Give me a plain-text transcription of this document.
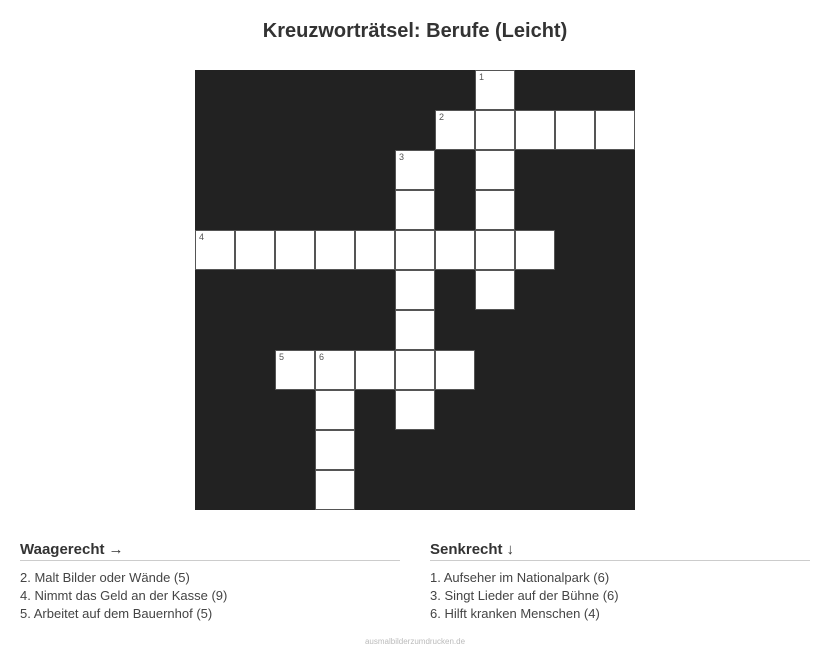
Kreuzworträtsel: Berufe (Leicht)
1
2
3
4
5	6
Waagerecht →
2. Malt Bilder oder Wände (5)
4. Nimmt das Geld an der Kasse (9)
5. Arbeitet auf dem Bauernhof (5)
Senkrecht ↓
1. Aufseher im Nationalpark (6)
3. Singt Lieder auf der Bühne (6)
6. Hilft kranken Menschen (4)
ausmalbilderzumdrucken.de
